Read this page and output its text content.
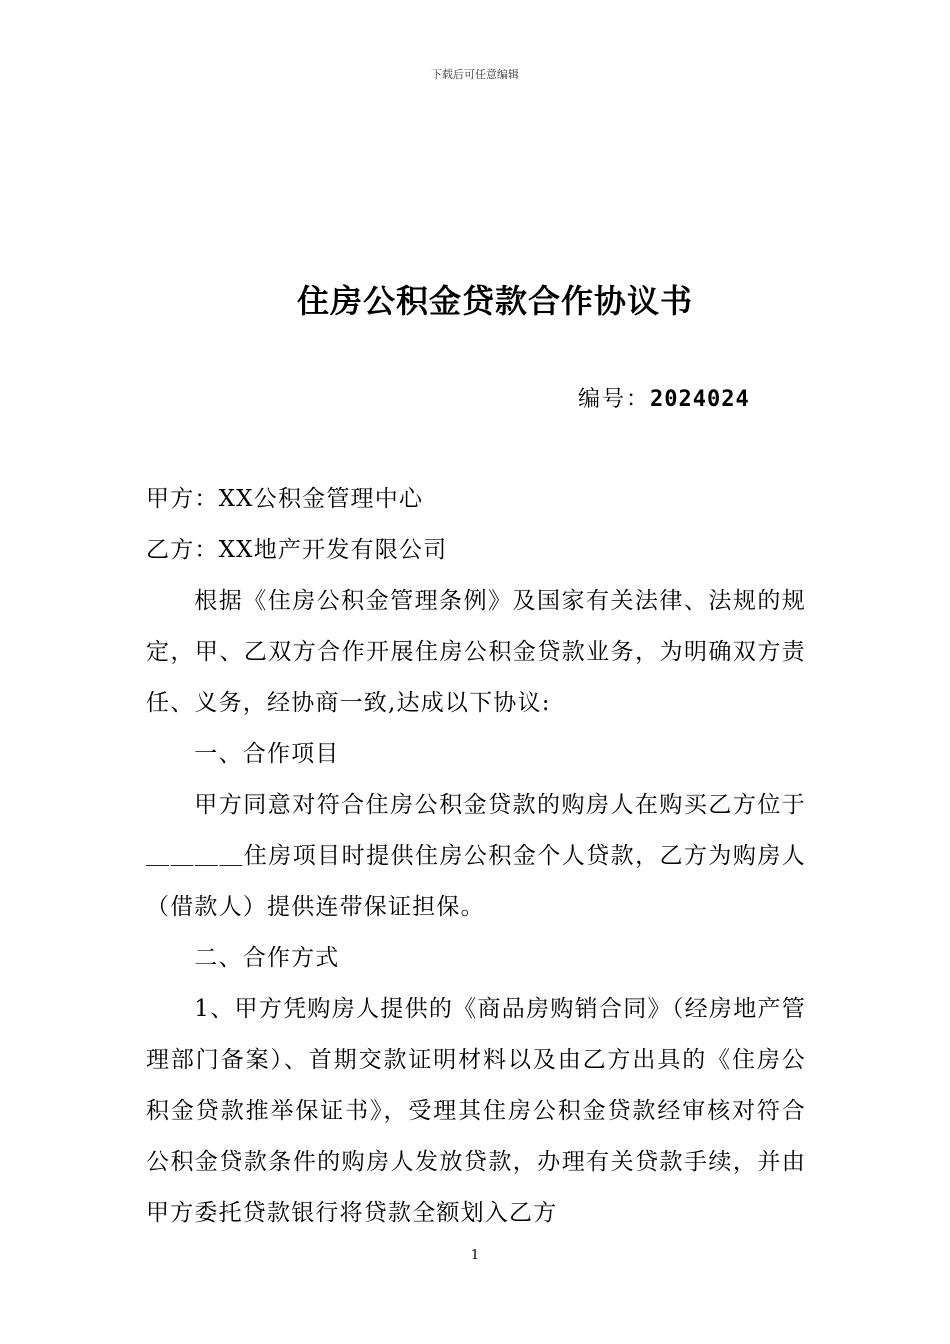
下载后可任意编辑
住房公积金贷款合作协议书
编号：2024024

甲方：XX公积金管理中心

乙方：XX地产开发有限公司

根据《住房公积金管理条例》及国家有关法律、法规的规定，甲、乙双方合作开展住房公积金贷款业务，为明确双方责任、义务，经协商一致,达成以下协议:

一、合作项目

甲方同意对符合住房公积金贷款的购房人在购买乙方位于＿＿＿＿住房项目时提供住房公积金个人贷款，乙方为购房人（借款人）提供连带保证担保。

二、合作方式

1、甲方凭购房人提供的《商品房购销合同》（经房地产管理部门备案）、首期交款证明材料以及由乙方出具的《住房公积金贷款推举保证书》，受理其住房公积金贷款经审核对符合公积金贷款条件的购房人发放贷款，办理有关贷款手续，并由甲方委托贷款银行将贷款全额划入乙方

1
